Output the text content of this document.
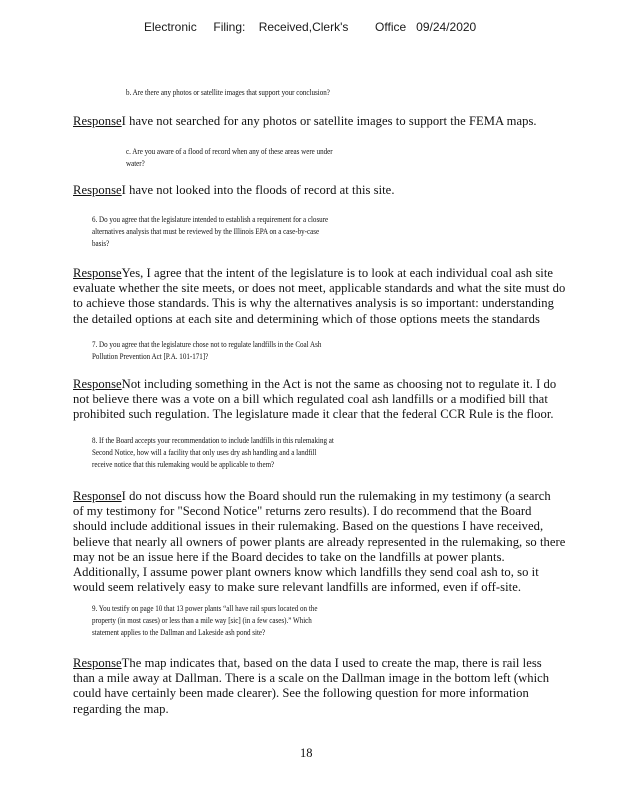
Electronic     Filing:    Received,Clerk's        Office   09/24/2020
b. Are there any photos or satellite images that support your conclusion?
ResponseI have not searched for any photos or satellite images to support the FEMA maps.
c. Are you aware of a flood of record when any of these areas were under
water?
ResponseI have not looked into the floods of record at this site.
6. Do you agree that the legislature intended to establish a requirement for a closure
alternatives analysis that must be reviewed by the Illinois EPA on a case-by-case
basis?
ResponseYes, I agree that the intent of the legislature is to look at each individual coal ash site
evaluate whether the site meets, or does not meet, applicable standards and what the site must do
to achieve those standards. This is why the alternatives analysis is so important: understanding
the detailed options at each site and determining which of those options meets the standards
7. Do you agree that the legislature chose not to regulate landfills in the Coal Ash
Pollution Prevention Act [P.A. 101-171]?
ResponseNot including something in the Act is not the same as choosing not to regulate it. I do
not believe there was a vote on a bill which regulated coal ash landfills or a modified bill that
prohibited such regulation. The legislature made it clear that the federal CCR Rule is the floor.
8. If the Board accepts your recommendation to include landfills in this rulemaking at
Second Notice, how will a facility that only uses dry ash handling and a landfill
receive notice that this rulemaking would be applicable to them?
ResponseI do not discuss how the Board should run the rulemaking in my testimony (a search
of my testimony for "Second Notice" returns zero results). I do recommend that the Board
should include additional issues in their rulemaking. Based on the questions I have received,
believe that nearly all owners of power plants are already represented in the rulemaking, so there
may not be an issue here if the Board decides to take on the landfills at power plants.
Additionally, I assume power plant owners know which landfills they send coal ash to, so it
would seem relatively easy to make sure relevant landfills are informed, even if off-site.
9. You testify on page 10 that 13 power plants “all have rail spurs located on the
property (in most cases) or less than a mile way [sic] (in a few cases).” Which
statement applies to the Dallman and Lakeside ash pond site?
ResponseThe map indicates that, based on the data I used to create the map, there is rail less
than a mile away at Dallman. There is a scale on the Dallman image in the bottom left (which
could have certainly been made clearer). See the following question for more information
regarding the map.
18
